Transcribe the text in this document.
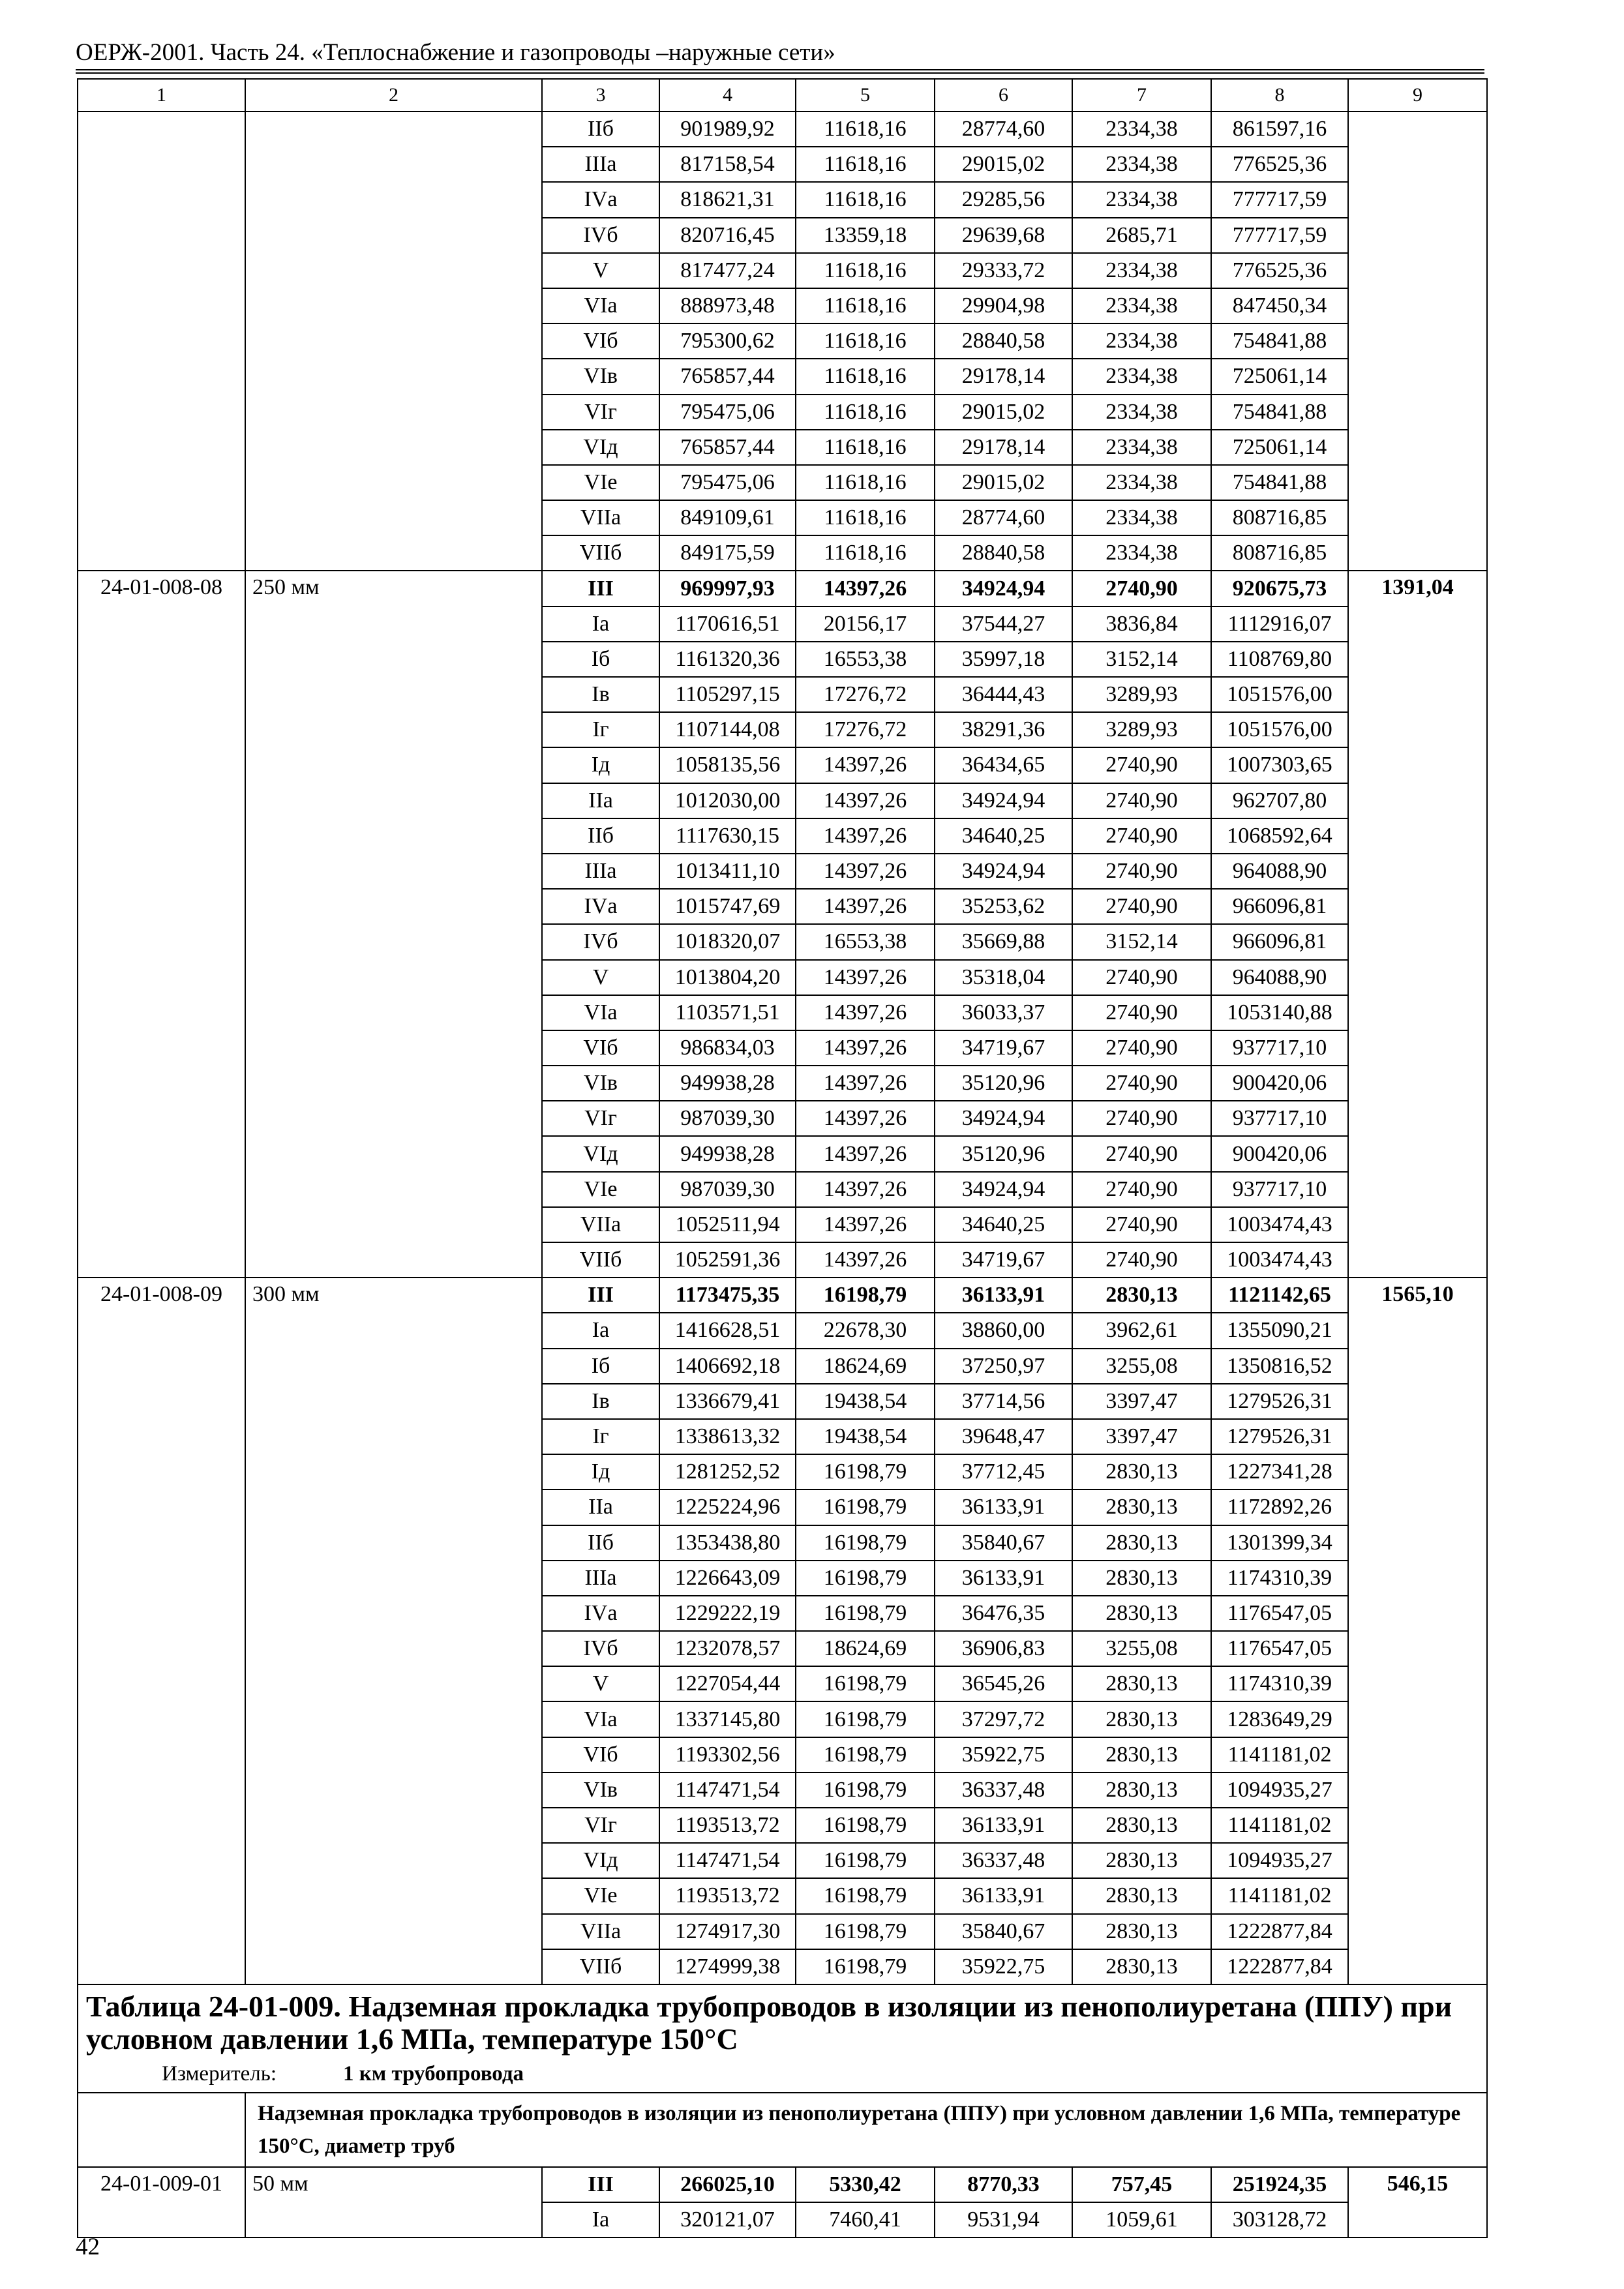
ОЕРЖ-2001. Часть 24. «Теплоснабжение и газопроводы –наружные сети»
1	2	3	4	5	6	7	8	9
		IIб	901989,92	11618,16	28774,60	2334,38	861597,16	
		IIIа	817158,54	11618,16	29015,02	2334,38	776525,36	
		IVа	818621,31	11618,16	29285,56	2334,38	777717,59	
		IVб	820716,45	13359,18	29639,68	2685,71	777717,59	
		V	817477,24	11618,16	29333,72	2334,38	776525,36	
		VIа	888973,48	11618,16	29904,98	2334,38	847450,34	
		VIб	795300,62	11618,16	28840,58	2334,38	754841,88	
		VIв	765857,44	11618,16	29178,14	2334,38	725061,14	
		VIг	795475,06	11618,16	29015,02	2334,38	754841,88	
		VIд	765857,44	11618,16	29178,14	2334,38	725061,14	
		VIе	795475,06	11618,16	29015,02	2334,38	754841,88	
		VIIа	849109,61	11618,16	28774,60	2334,38	808716,85	
		VIIб	849175,59	11618,16	28840,58	2334,38	808716,85	
24-01-008-08	250 мм	III	969997,93	14397,26	34924,94	2740,90	920675,73	1391,04
		Iа	1170616,51	20156,17	37544,27	3836,84	1112916,07	
		Iб	1161320,36	16553,38	35997,18	3152,14	1108769,80	
		Iв	1105297,15	17276,72	36444,43	3289,93	1051576,00	
		Iг	1107144,08	17276,72	38291,36	3289,93	1051576,00	
		Iд	1058135,56	14397,26	36434,65	2740,90	1007303,65	
		IIа	1012030,00	14397,26	34924,94	2740,90	962707,80	
		IIб	1117630,15	14397,26	34640,25	2740,90	1068592,64	
		IIIа	1013411,10	14397,26	34924,94	2740,90	964088,90	
		IVа	1015747,69	14397,26	35253,62	2740,90	966096,81	
		IVб	1018320,07	16553,38	35669,88	3152,14	966096,81	
		V	1013804,20	14397,26	35318,04	2740,90	964088,90	
		VIа	1103571,51	14397,26	36033,37	2740,90	1053140,88	
		VIб	986834,03	14397,26	34719,67	2740,90	937717,10	
		VIв	949938,28	14397,26	35120,96	2740,90	900420,06	
		VIг	987039,30	14397,26	34924,94	2740,90	937717,10	
		VIд	949938,28	14397,26	35120,96	2740,90	900420,06	
		VIе	987039,30	14397,26	34924,94	2740,90	937717,10	
		VIIа	1052511,94	14397,26	34640,25	2740,90	1003474,43	
		VIIб	1052591,36	14397,26	34719,67	2740,90	1003474,43	
24-01-008-09	300 мм	III	1173475,35	16198,79	36133,91	2830,13	1121142,65	1565,10
		Iа	1416628,51	22678,30	38860,00	3962,61	1355090,21	
		Iб	1406692,18	18624,69	37250,97	3255,08	1350816,52	
		Iв	1336679,41	19438,54	37714,56	3397,47	1279526,31	
		Iг	1338613,32	19438,54	39648,47	3397,47	1279526,31	
		Iд	1281252,52	16198,79	37712,45	2830,13	1227341,28	
		IIа	1225224,96	16198,79	36133,91	2830,13	1172892,26	
		IIб	1353438,80	16198,79	35840,67	2830,13	1301399,34	
		IIIа	1226643,09	16198,79	36133,91	2830,13	1174310,39	
		IVа	1229222,19	16198,79	36476,35	2830,13	1176547,05	
		IVб	1232078,57	18624,69	36906,83	3255,08	1176547,05	
		V	1227054,44	16198,79	36545,26	2830,13	1174310,39	
		VIа	1337145,80	16198,79	37297,72	2830,13	1283649,29	
		VIб	1193302,56	16198,79	35922,75	2830,13	1141181,02	
		VIв	1147471,54	16198,79	36337,48	2830,13	1094935,27	
		VIг	1193513,72	16198,79	36133,91	2830,13	1141181,02	
		VIд	1147471,54	16198,79	36337,48	2830,13	1094935,27	
		VIе	1193513,72	16198,79	36133,91	2830,13	1141181,02	
		VIIа	1274917,30	16198,79	35840,67	2830,13	1222877,84	
		VIIб	1274999,38	16198,79	35922,75	2830,13	1222877,84	

Таблица 24-01-009. Надземная прокладка трубопроводов в изоляции из пенополиуретана (ППУ) при условном давлении 1,6 МПа, температуре 150°С
Измеритель: 1 км трубопровода								

	Надземная прокладка трубопроводов в изоляции из пенополиуретана (ППУ) при условном давлении 1,6 МПа, температуре 150°С, диаметр труб							
24-01-009-01	50 мм	III	266025,10	5330,42	8770,33	757,45	251924,35	546,15
		Iа	320121,07	7460,41	9531,94	1059,61	303128,72	
42
